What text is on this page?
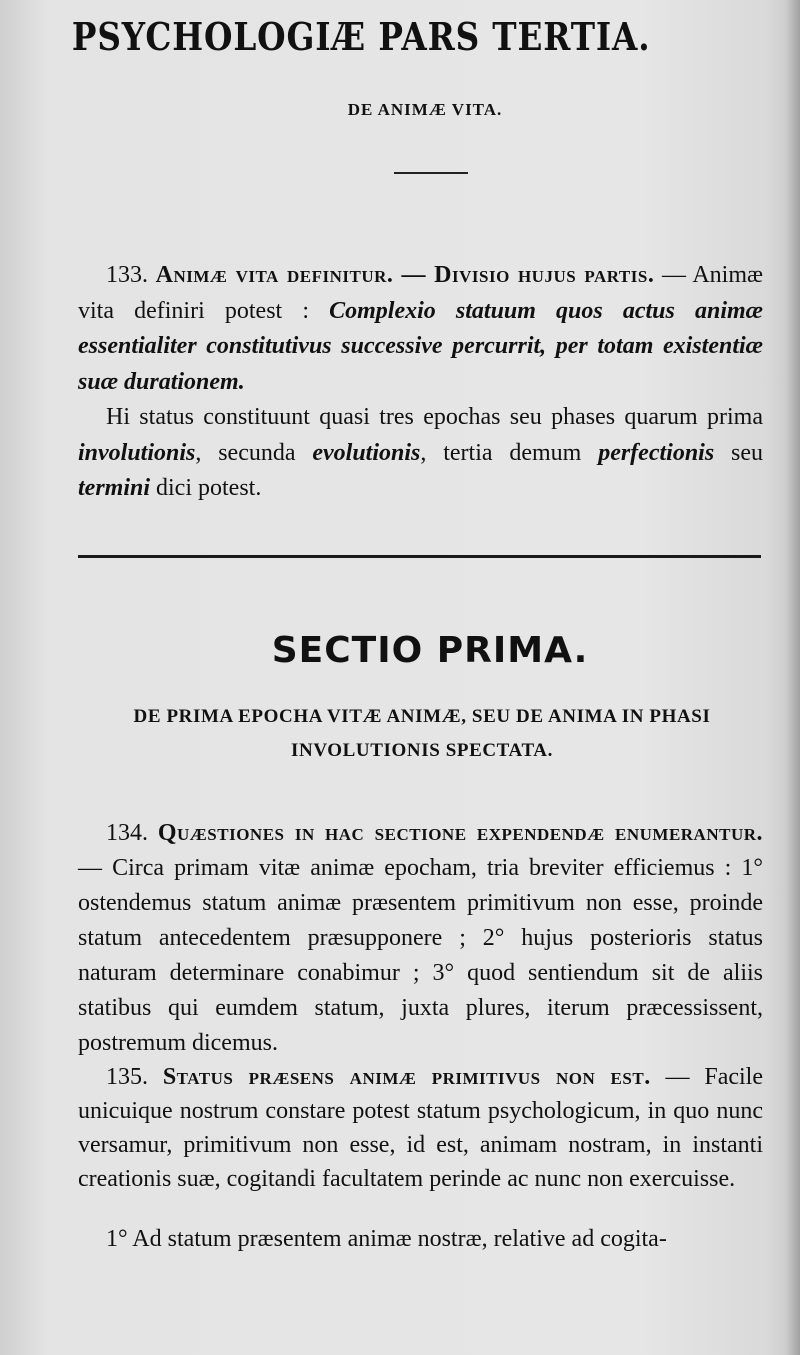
PSYCHOLOGIÆ PARS TERTIA.
DE ANIMÆ VITA.

133. Animæ vita definitur. — Divisio hujus partis. — Animæ vita definiri potest : Complexio statuum quos actus animæ essentialiter constitutivus successive percurrit, per totam existentiæ suæ durationem.

Hi status constituunt quasi tres epochas seu phases quarum prima involutionis, secunda evolutionis, tertia demum perfectionis seu termini dici potest.

SECTIO PRIMA.
DE PRIMA EPOCHA VITÆ ANIMÆ, SEU DE ANIMA IN PHASI INVOLUTIONIS SPECTATA.

134. Quæstiones in hac sectione expendendæ enumerantur. — Circa primam vitæ animæ epocham, tria breviter efficiemus : 1° ostendemus statum animæ præsentem primitivum non esse, proinde statum antecedentem præsupponere ; 2° hujus posterioris status naturam determinare conabimur ; 3° quod sentiendum sit de aliis statibus qui eumdem statum, juxta plures, iterum præcessissent, postremum dicemus.

135. Status præsens animæ primitivus non est. — Facile unicuique nostrum constare potest statum psychologicum, in quo nunc versamur, primitivum non esse, id est, animam nostram, in instanti creationis suæ, cogitandi facultatem perinde ac nunc non exercuisse.

1° Ad statum præsentem animæ nostræ, relative ad cogita-
